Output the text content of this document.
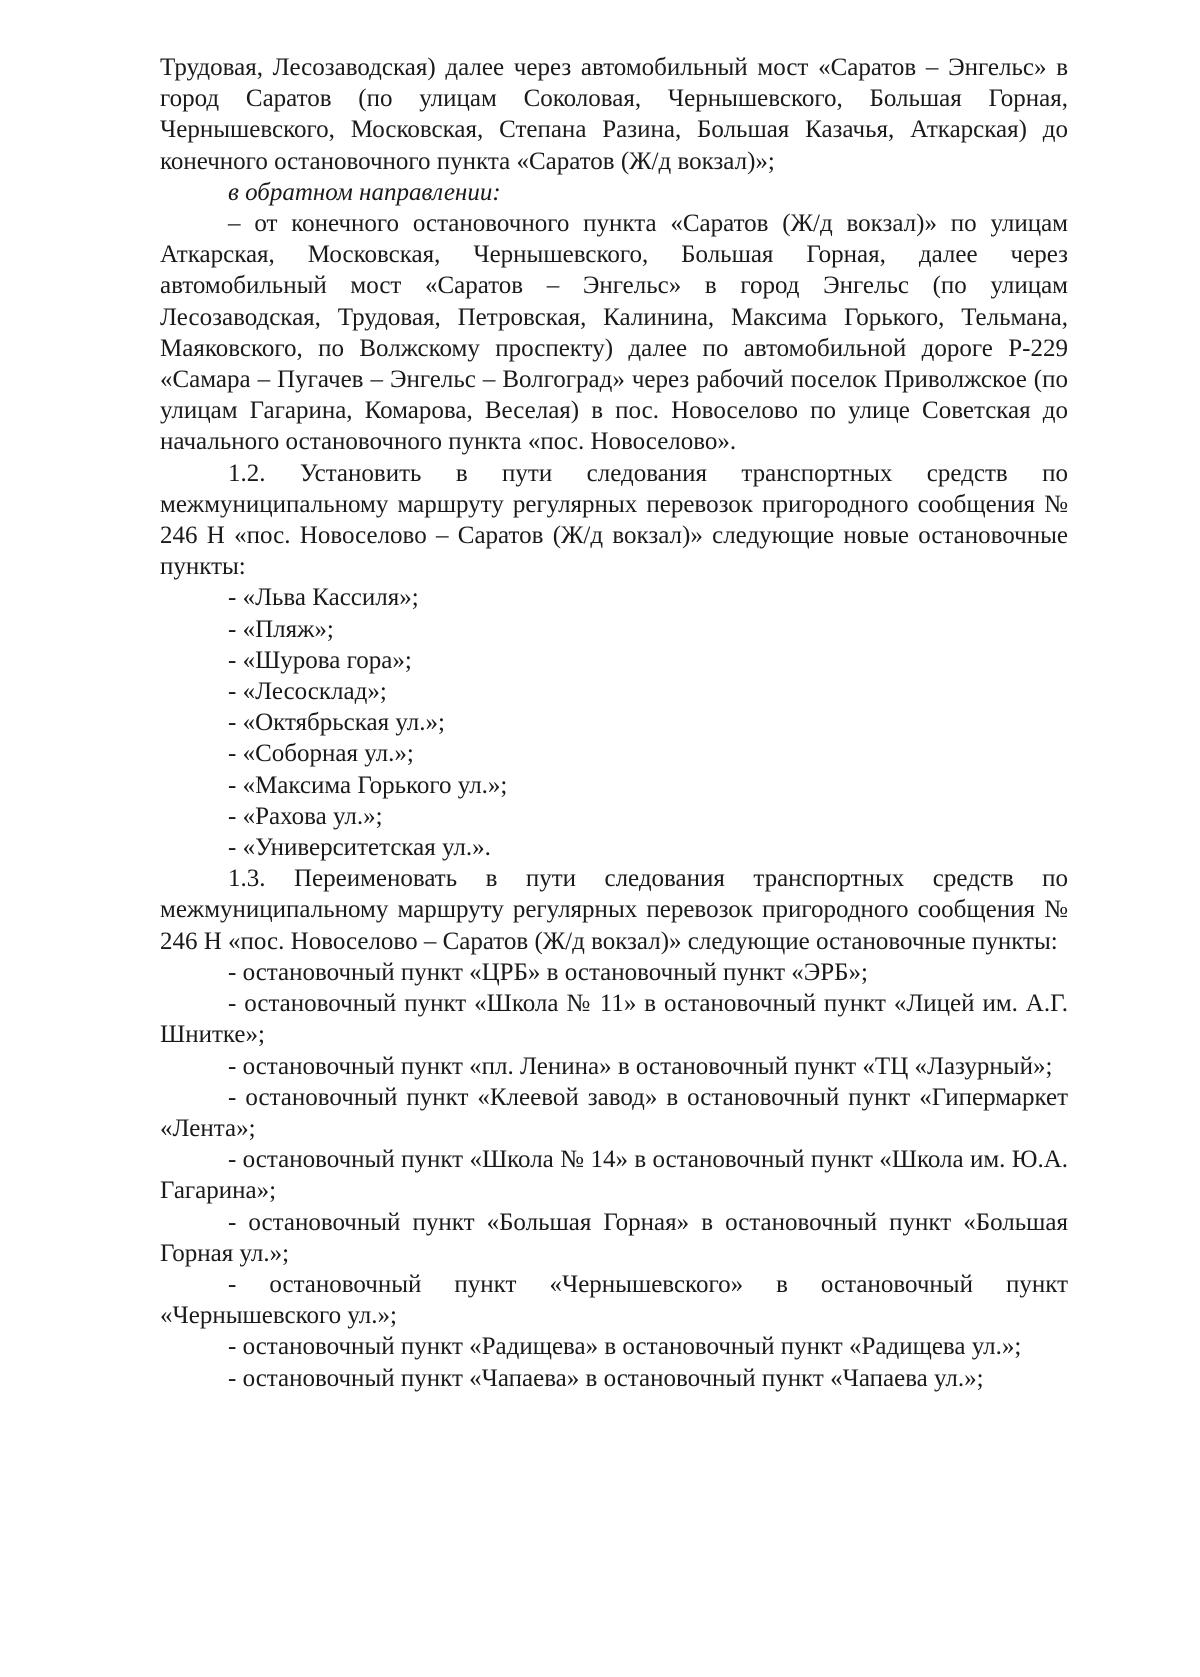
Трудовая, Лесозаводская) далее через автомобильный мост «Саратов – Энгельс» в город Саратов (по улицам Соколовая, Чернышевского, Большая Горная, Чернышевского, Московская, Степана Разина, Большая Казачья, Аткарская) до конечного остановочного пункта «Саратов (Ж/д вокзал)»;

в обратном направлении:

– от конечного остановочного пункта «Саратов (Ж/д вокзал)» по улицам Аткарская, Московская, Чернышевского, Большая Горная, далее через автомобильный мост «Саратов – Энгельс» в город Энгельс (по улицам Лесозаводская, Трудовая, Петровская, Калинина, Максима Горького, Тельмана, Маяковского, по Волжскому проспекту) далее по автомобильной дороге Р-229 «Самара – Пугачев – Энгельс – Волгоград» через рабочий поселок Приволжское (по улицам Гагарина, Комарова, Веселая) в пос. Новоселово по улице Советская до начального остановочного пункта «пос. Новоселово».

1.2. Установить в пути следования транспортных средств по межмуниципальному маршруту регулярных перевозок пригородного сообщения № 246 Н «пос. Новоселово – Саратов (Ж/д вокзал)» следующие новые остановочные пункты:

- «Льва Кассиля»;

- «Пляж»;

- «Шурова гора»;

- «Лесосклад»;

- «Октябрьская ул.»;

- «Соборная ул.»;

- «Максима Горького ул.»;

- «Рахова ул.»;

- «Университетская ул.».

1.3. Переименовать в пути следования транспортных средств по межмуниципальному маршруту регулярных перевозок пригородного сообщения № 246 Н «пос. Новоселово – Саратов (Ж/д вокзал)» следующие остановочные пункты:

- остановочный пункт «ЦРБ» в остановочный пункт «ЭРБ»;

- остановочный пункт «Школа № 11» в остановочный пункт «Лицей им. А.Г. Шнитке»;

- остановочный пункт «пл. Ленина» в остановочный пункт «ТЦ «Лазурный»;

- остановочный пункт «Клеевой завод» в остановочный пункт «Гипермаркет «Лента»;

- остановочный пункт «Школа № 14» в остановочный пункт «Школа им. Ю.А. Гагарина»;

- остановочный пункт «Большая Горная» в остановочный пункт «Большая Горная ул.»;

- остановочный пункт «Чернышевского» в остановочный пункт «Чернышевского ул.»;

- остановочный пункт «Радищева» в остановочный пункт «Радищева ул.»;

- остановочный пункт «Чапаева» в остановочный пункт «Чапаева ул.»;
